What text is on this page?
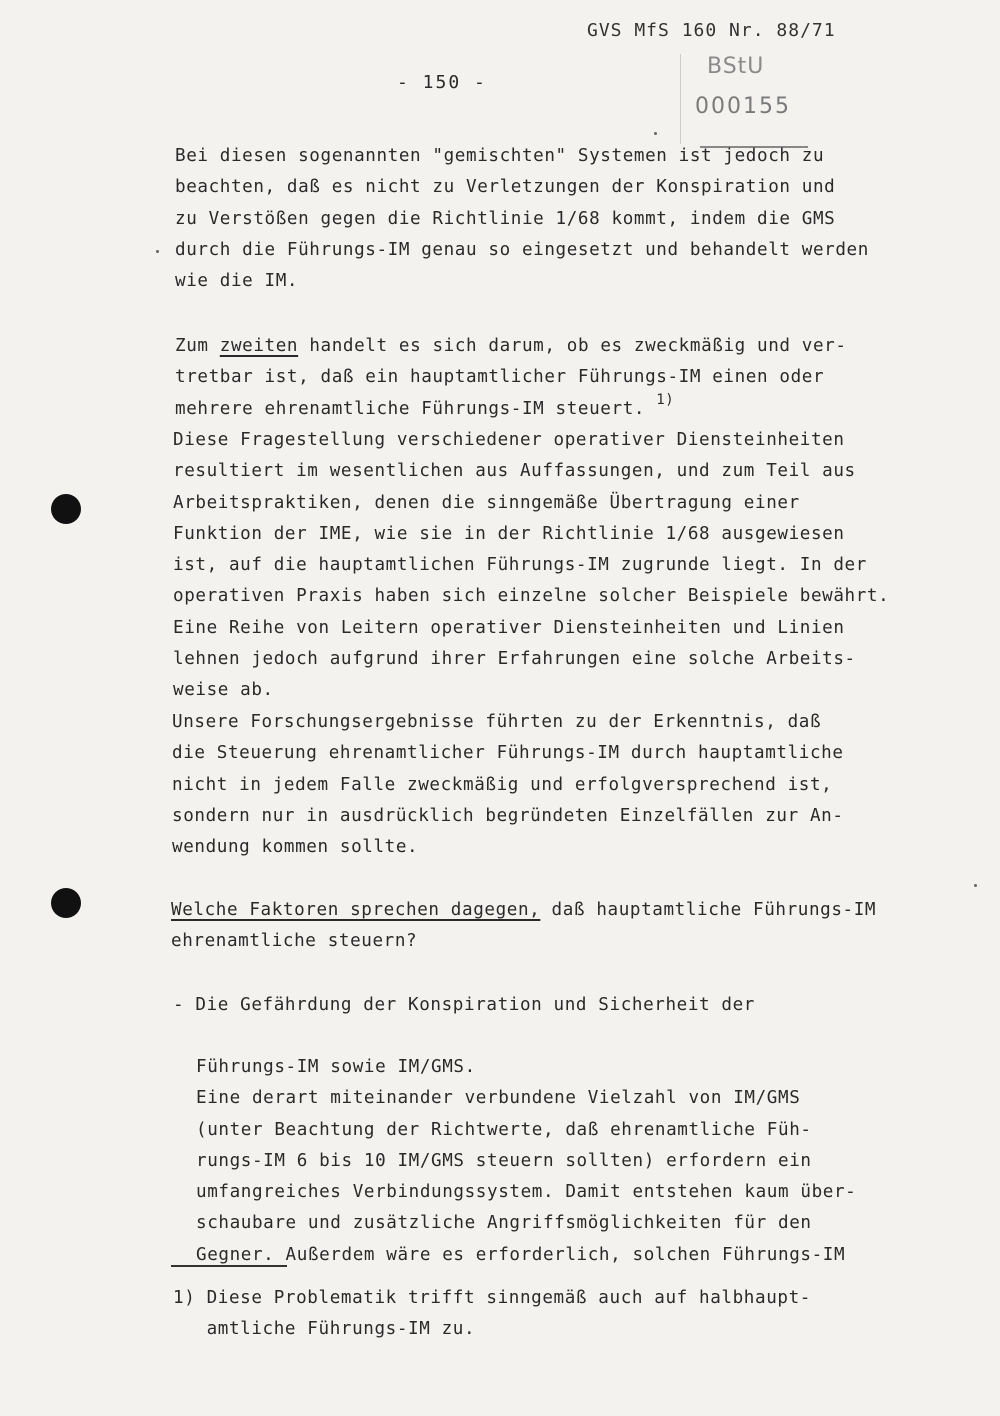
GVS MfS 160 Nr. 88/71
- 150 -
BStU
000155
Bei diesen sogenannten "gemischten" Systemen ist jedoch zu
beachten, daß es nicht zu Verletzungen der Konspiration und
zu Verstößen gegen die Richtlinie 1/68 kommt, indem die GMS
durch die Führungs-IM genau so eingesetzt und behandelt werden
wie die IM.
Zum zweiten handelt es sich darum, ob es zweckmäßig und ver-
tretbar ist, daß ein hauptamtlicher Führungs-IM einen oder
mehrere ehrenamtliche Führungs-IM steuert. $^{1)}$
Diese Fragestellung verschiedener operativer Diensteinheiten
resultiert im wesentlichen aus Auffassungen, und zum Teil aus
Arbeitspraktiken, denen die sinngemäße Übertragung einer
Funktion der IME, wie sie in der Richtlinie 1/68 ausgewiesen
ist, auf die hauptamtlichen Führungs-IM zugrunde liegt. In der
operativen Praxis haben sich einzelne solcher Beispiele bewährt.
Eine Reihe von Leitern operativer Diensteinheiten und Linien
lehnen jedoch aufgrund ihrer Erfahrungen eine solche Arbeits-
weise ab.
Unsere Forschungsergebnisse führten zu der Erkenntnis, daß
die Steuerung ehrenamtlicher Führungs-IM durch hauptamtliche
nicht in jedem Falle zweckmäßig und erfolgversprechend ist,
sondern nur in ausdrücklich begründeten Einzelfällen zur An-
wendung kommen sollte.
Welche Faktoren sprechen dagegen, daß hauptamtliche Führungs-IM
ehrenamtliche steuern?
- Die Gefährdung der Konspiration und Sicherheit der
Führungs-IM sowie IM/GMS.
Eine derart miteinander verbundene Vielzahl von IM/GMS
(unter Beachtung der Richtwerte, daß ehrenamtliche Füh-
rungs-IM 6 bis 10 IM/GMS steuern sollten) erfordern ein
umfangreiches Verbindungssystem. Damit entstehen kaum über-
schaubare und zusätzliche Angriffsmöglichkeiten für den
Gegner. Außerdem wäre es erforderlich, solchen Führungs-IM
1) Diese Problematik trifft sinngemäß auch auf halbhaupt-
amtliche Führungs-IM zu.
